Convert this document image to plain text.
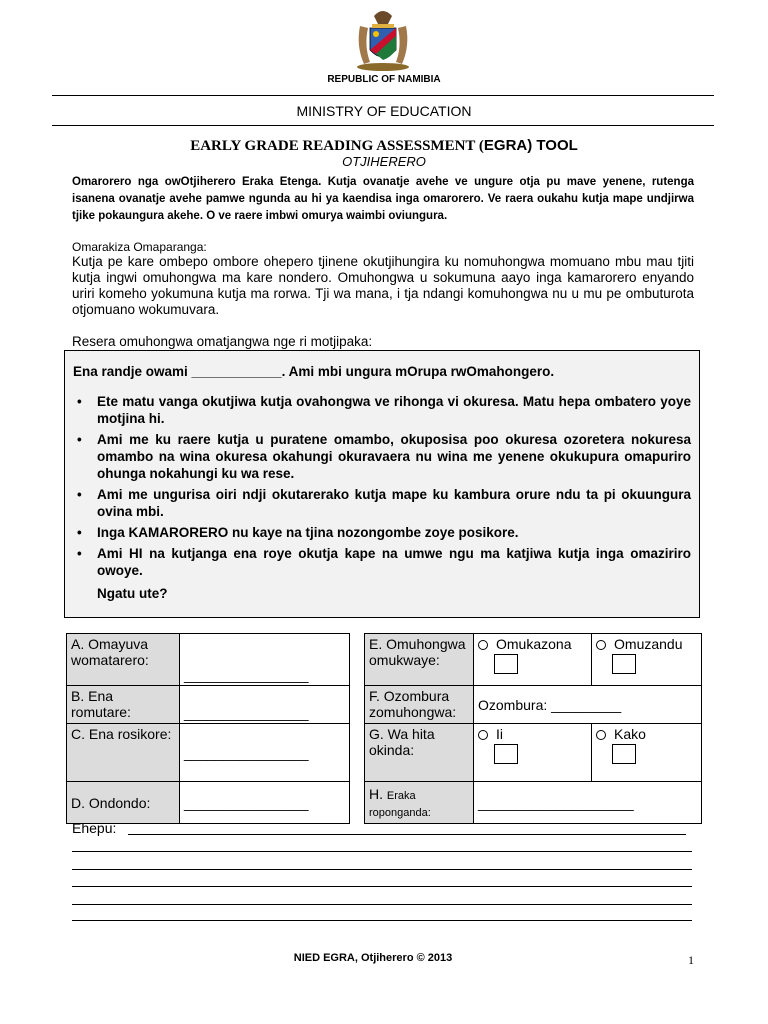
REPUBLIC OF NAMIBIA
MINISTRY OF EDUCATION
EARLY GRADE READING ASSESSMENT (EGRA) TOOL
OTJIHERERO
Omarorero nga owOtjiherero Eraka Etenga. Kutja ovanatje avehe ve ungure otja pu mave yenene, rutenga isanena ovanatje avehe pamwe ngunda au hi ya kaendisa inga omarorero. Ve raera oukahu kutja mape undjirwa tjike pokaungura akehe. O ve raere imbwi omurya waimbi oviungura.
Omarakiza Omaparanga:
Kutja pe kare ombepo ombore ohepero tjinene okutjihungira ku nomuhongwa momuano mbu mau tjiti kutja ingwi omuhongwa ma kare nondero. Omuhongwa u sokumuna aayo inga kamarorero enyando uriri komeho yokumuna kutja ma rorwa. Tji wa mana, i tja ndangi komuhongwa nu u mu pe ombuturota otjomuano wokumuvara.
Resera omuhongwa omatjangwa nge ri motjipaka:
Ena randje owami ____________. Ami mbi ungura mOrupa rwOmahongero.
• Ete matu vanga okutjiwa kutja ovahongwa ve rihonga vi okuresa. Matu hepa ombatero yoye motjina hi.
• Ami me ku raere kutja u puratene omambo, okuposisa poo okuresa ozoretera nokuresa omambo na wina okuresa okahungi okuravaera nu wina me yenene okukupura omapuriro ohunga nokahungi ku wa rese.
• Ami me ungurisa oiri ndji okutarerako kutja mape ku kambura orure ndu ta pi okuungura ovina mbi.
• Inga KAMARORERO nu kaye na tjina nozongombe zoye posikore.
• Ami HI na kutjanga ena roye okutja kape na umwe ngu ma katjiwa kutja inga omaziriro owoye.
Ngatu ute?
A. Omayuva womatarero:	________________
B. Ena romutare:	________________
C. Ena rosikore:	________________
D. Ondondo:	________________
E. Omuhongwa omukwaye:	Omukazona	Omuzandu

F. Ozombura zomuhongwa:	Ozombura: _________	
G. Wa hita okinda:	Ii	Kako

H. Eraka roponganda:	____________________	
Ehepu:
NIED EGRA, Otjiherero © 2013	1
